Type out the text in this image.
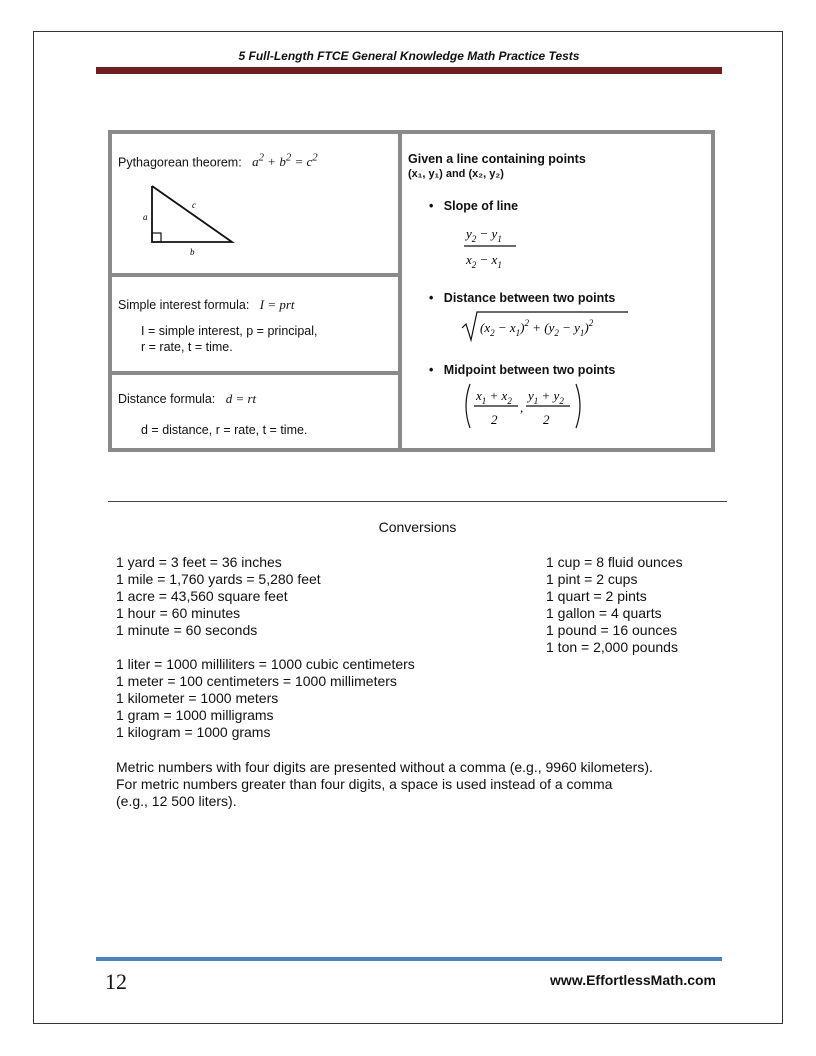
5 Full-Length FTCE General Knowledge Math Practice Tests
Pythagorean theorem: $a^2 + b^2 = c^2$
a
c
b
Simple interest formula: I = prt
I = simple interest, p = principal,
r = rate, t = time.
Distance formula: d = rt
d = distance, r = rate, t = time.
Given a line containing points
(x₁, y₁) and (x₂, y₂)
•   Slope of line
$y_2 - y_1$
$x_2 - x_1$
•   Distance between two points
$(x_2 - x_1)^2 + (y_2 - y_1)^2$
•   Midpoint between two points
$x_1 + x_2$
2
,
$y_1 + y_2$
2
Conversions
1 yard = 3 feet = 36 inches
1 mile = 1,760 yards = 5,280 feet
1 acre = 43,560 square feet
1 hour = 60 minutes
1 minute = 60 seconds
1 cup = 8 fluid ounces
1 pint = 2 cups
1 quart = 2 pints
1 gallon = 4 quarts
1 pound = 16 ounces
1 ton = 2,000 pounds
1 liter = 1000 milliliters = 1000 cubic centimeters
1 meter = 100 centimeters = 1000 millimeters
1 kilometer = 1000 meters
1 gram = 1000 milligrams
1 kilogram = 1000 grams
Metric numbers with four digits are presented without a comma (e.g., 9960 kilometers).
For metric numbers greater than four digits, a space is used instead of a comma
(e.g., 12 500 liters).
12	www.EffortlessMath.com
